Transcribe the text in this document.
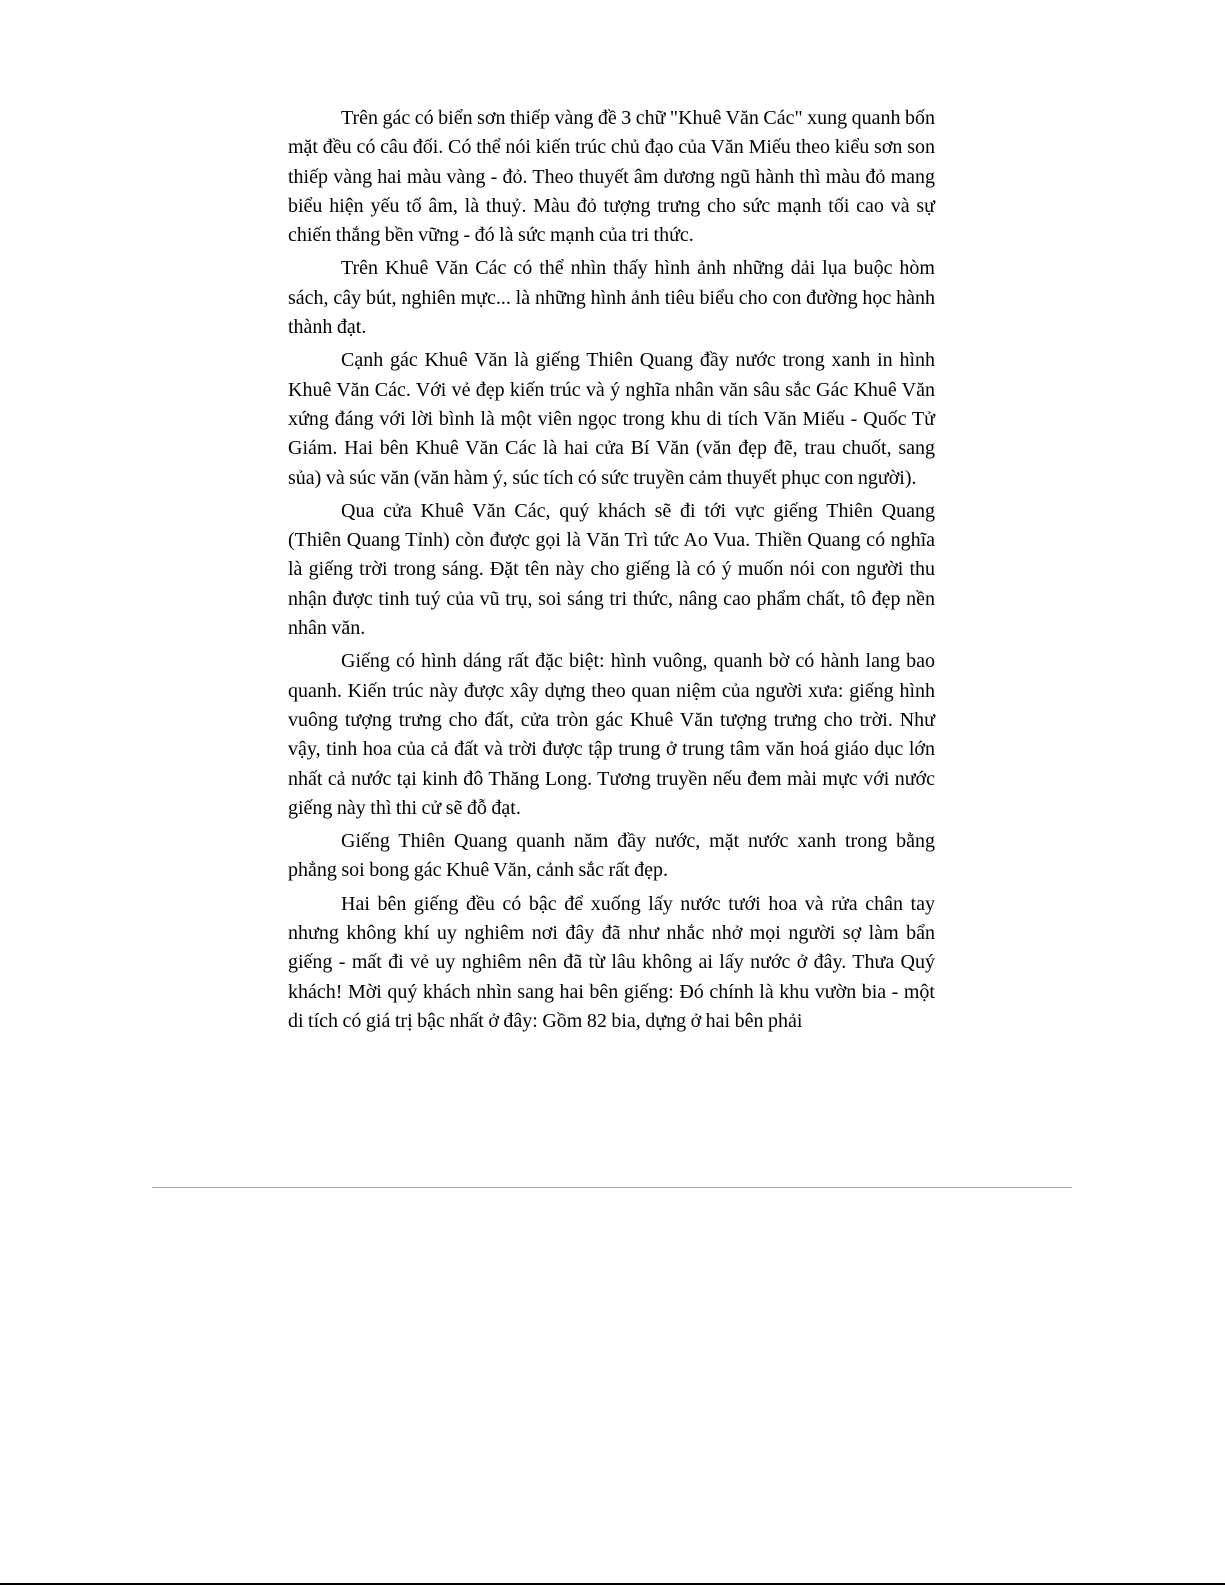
Trên gác có biển sơn thiếp vàng đề 3 chữ "Khuê Văn Các" xung quanh bốn mặt đều có câu đối. Có thể nói kiến trúc chủ đạo của Văn Miếu theo kiểu sơn son thiếp vàng hai màu vàng - đỏ. Theo thuyết âm dương ngũ hành thì màu đỏ mang biểu hiện yếu tố âm, là thuỷ. Màu đỏ tượng trưng cho sức mạnh tối cao và sự chiến thắng bền vững - đó là sức mạnh của tri thức.

Trên Khuê Văn Các có thể nhìn thấy hình ảnh những dải lụa buộc hòm sách, cây bút, nghiên mực... là những hình ảnh tiêu biểu cho con đường học hành thành đạt.

Cạnh gác Khuê Văn là giếng Thiên Quang đầy nước trong xanh in hình Khuê Văn Các. Với vẻ đẹp kiến trúc và ý nghĩa nhân văn sâu sắc Gác Khuê Văn xứng đáng với lời bình là một viên ngọc trong khu di tích Văn Miếu - Quốc Tử Giám. Hai bên Khuê Văn Các là hai cửa Bí Văn (văn đẹp đẽ, trau chuốt, sang sủa) và súc văn (văn hàm ý, súc tích có sức truyền cảm thuyết phục con người).

Qua cửa Khuê Văn Các, quý khách sẽ đi tới vực giếng Thiên Quang (Thiên Quang Tỉnh) còn được gọi là Văn Trì tức Ao Vua. Thiền Quang có nghĩa là giếng trời trong sáng. Đặt tên này cho giếng là có ý muốn nói con người thu nhận được tinh tuý của vũ trụ, soi sáng tri thức, nâng cao phẩm chất, tô đẹp nền nhân văn.

Giếng có hình dáng rất đặc biệt: hình vuông, quanh bờ có hành lang bao quanh. Kiến trúc này được xây dựng theo quan niệm của người xưa: giếng hình vuông tượng trưng cho đất, cửa tròn gác Khuê Văn tượng trưng cho trời. Như vậy, tinh hoa của cả đất và trời được tập trung ở trung tâm văn hoá giáo dục lớn nhất cả nước tại kinh đô Thăng Long. Tương truyền nếu đem mài mực với nước giếng này thì thi cử sẽ đỗ đạt.

Giếng Thiên Quang quanh năm đầy nước, mặt nước xanh trong bằng phẳng soi bong gác Khuê Văn, cảnh sắc rất đẹp.

Hai bên giếng đều có bậc để xuống lấy nước tưới hoa và rửa chân tay nhưng không khí uy nghiêm nơi đây đã như nhắc nhở mọi người sợ làm bẩn giếng - mất đi vẻ uy nghiêm nên đã từ lâu không ai lấy nước ở đây. Thưa Quý khách! Mời quý khách nhìn sang hai bên giếng: Đó chính là khu vườn bia - một di tích có giá trị bậc nhất ở đây: Gồm 82 bia, dựng ở hai bên phải
